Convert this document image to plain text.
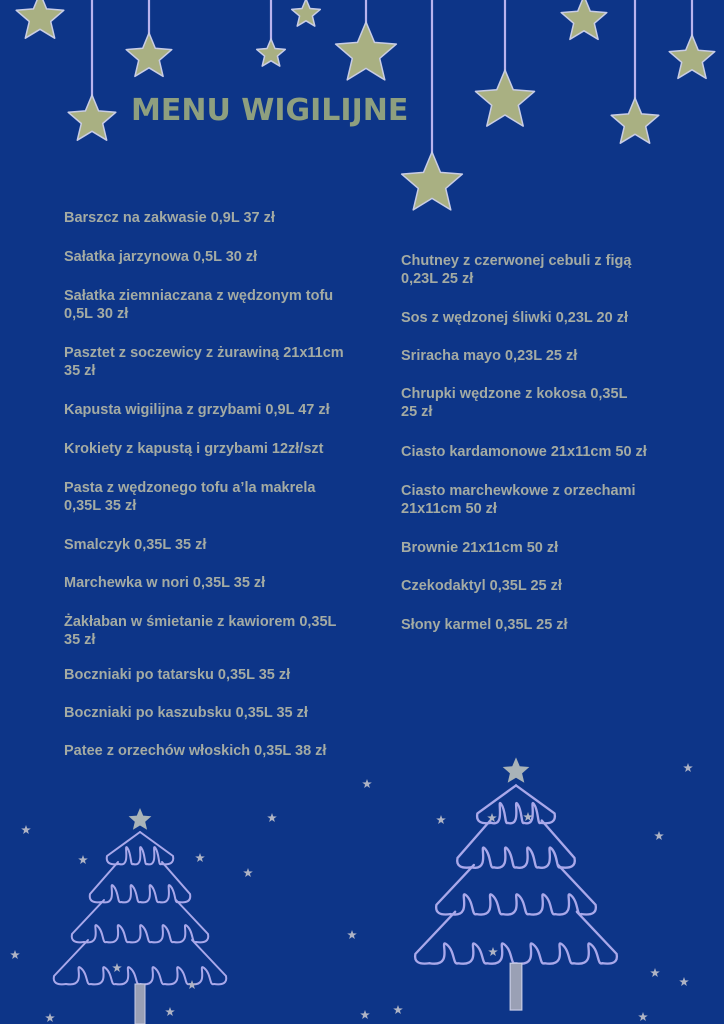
MENU WIGILIJNE
Barszcz na zakwasie 0,9L 37 zł
Sałatka jarzynowa 0,5L 30 zł
Sałatka ziemniaczana z wędzonym tofu
0,5L 30 zł
Pasztet z soczewicy z żurawiną 21x11cm
35 zł
Kapusta wigilijna z grzybami 0,9L 47 zł
Krokiety z kapustą i grzybami 12zł/szt
Pasta z wędzonego tofu a’la makrela
0,35L 35 zł
Smalczyk 0,35L 35 zł
Marchewka w nori 0,35L 35 zł
Żakłaban w śmietanie z kawiorem 0,35L
35 zł
Boczniaki po tatarsku 0,35L 35 zł
Boczniaki po kaszubsku 0,35L 35 zł
Patee z orzechów włoskich 0,35L 38 zł
Chutney z czerwonej cebuli z figą
0,23L 25 zł
Sos z wędzonej śliwki 0,23L 20 zł
Sriracha mayo 0,23L 25 zł
Chrupki wędzone z kokosa 0,35L
25 zł
Ciasto kardamonowe 21x11cm 50 zł
Ciasto marchewkowe z orzechami
21x11cm 50 zł
Brownie 21x11cm 50 zł
Czekodaktyl 0,35L 25 zł
Słony karmel 0,35L 25 zł
